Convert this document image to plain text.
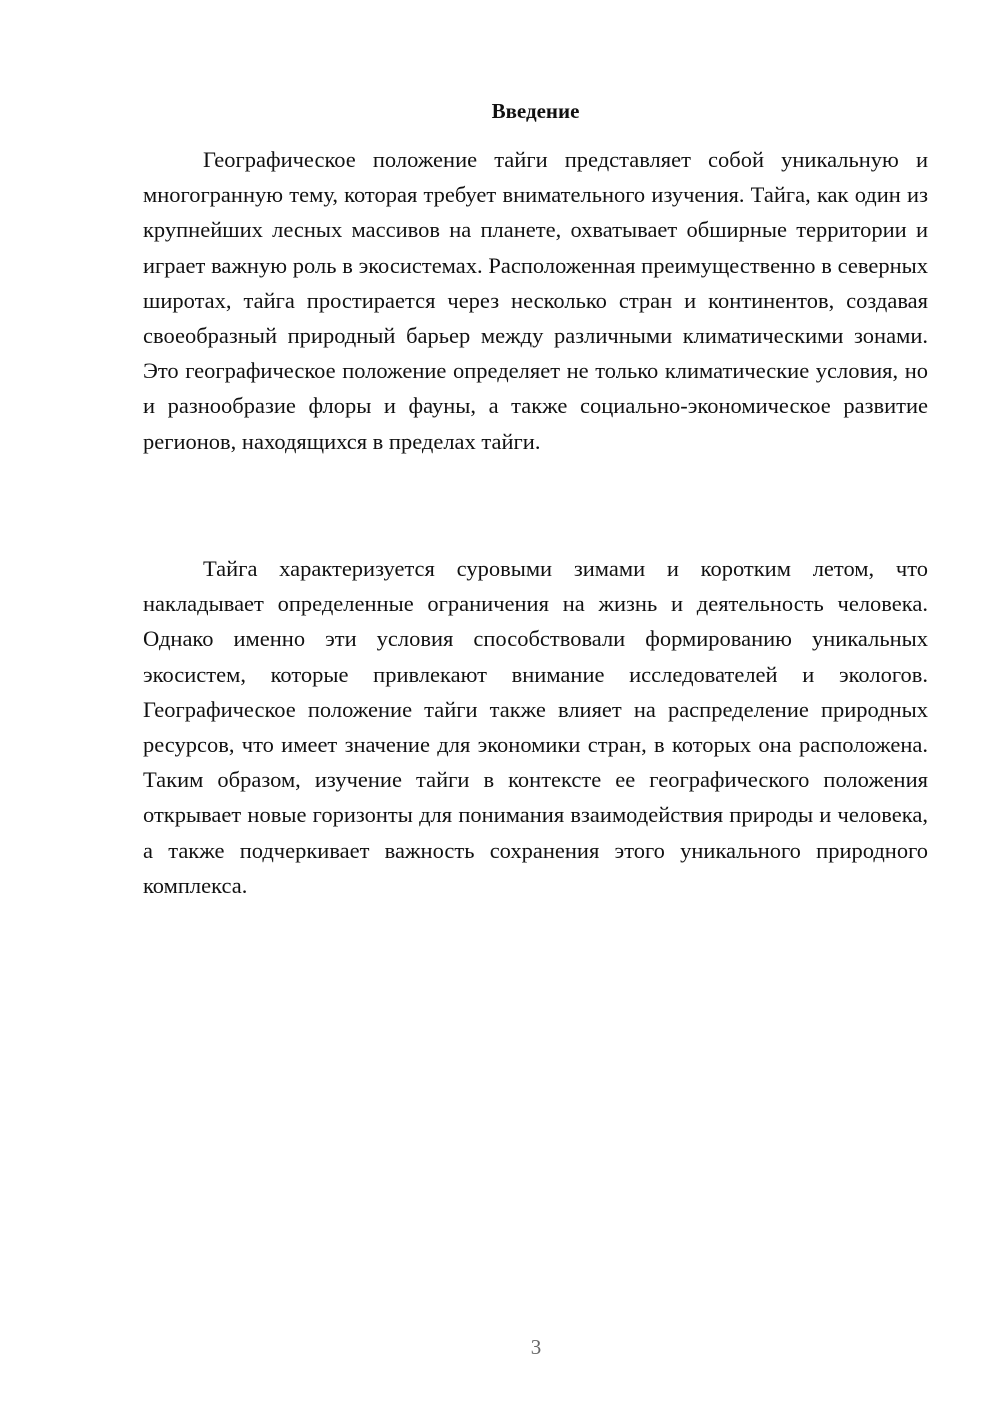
Введение

Географическое положение тайги представляет собой уникальную и многогранную тему, которая требует внимательного изучения. Тайга, как один из крупнейших лесных массивов на планете, охватывает обширные территории и играет важную роль в экосистемах. Расположенная преимущественно в северных широтах, тайга простирается через несколько стран и континентов, создавая своеобразный природный барьер между различными климатическими зонами. Это географическое положение определяет не только климатические условия, но и разнообразие флоры и фауны, а также социально-экономическое развитие регионов, находящихся в пределах тайги.

Тайга характеризуется суровыми зимами и коротким летом, что накладывает определенные ограничения на жизнь и деятельность человека. Однако именно эти условия способствовали формированию уникальных экосистем, которые привлекают внимание исследователей и экологов. Географическое положение тайги также влияет на распределение природных ресурсов, что имеет значение для экономики стран, в которых она расположена. Таким образом, изучение тайги в контексте ее географического положения открывает новые горизонты для понимания взаимодействия природы и человека, а также подчеркивает важность сохранения этого уникального природного комплекса.

3
